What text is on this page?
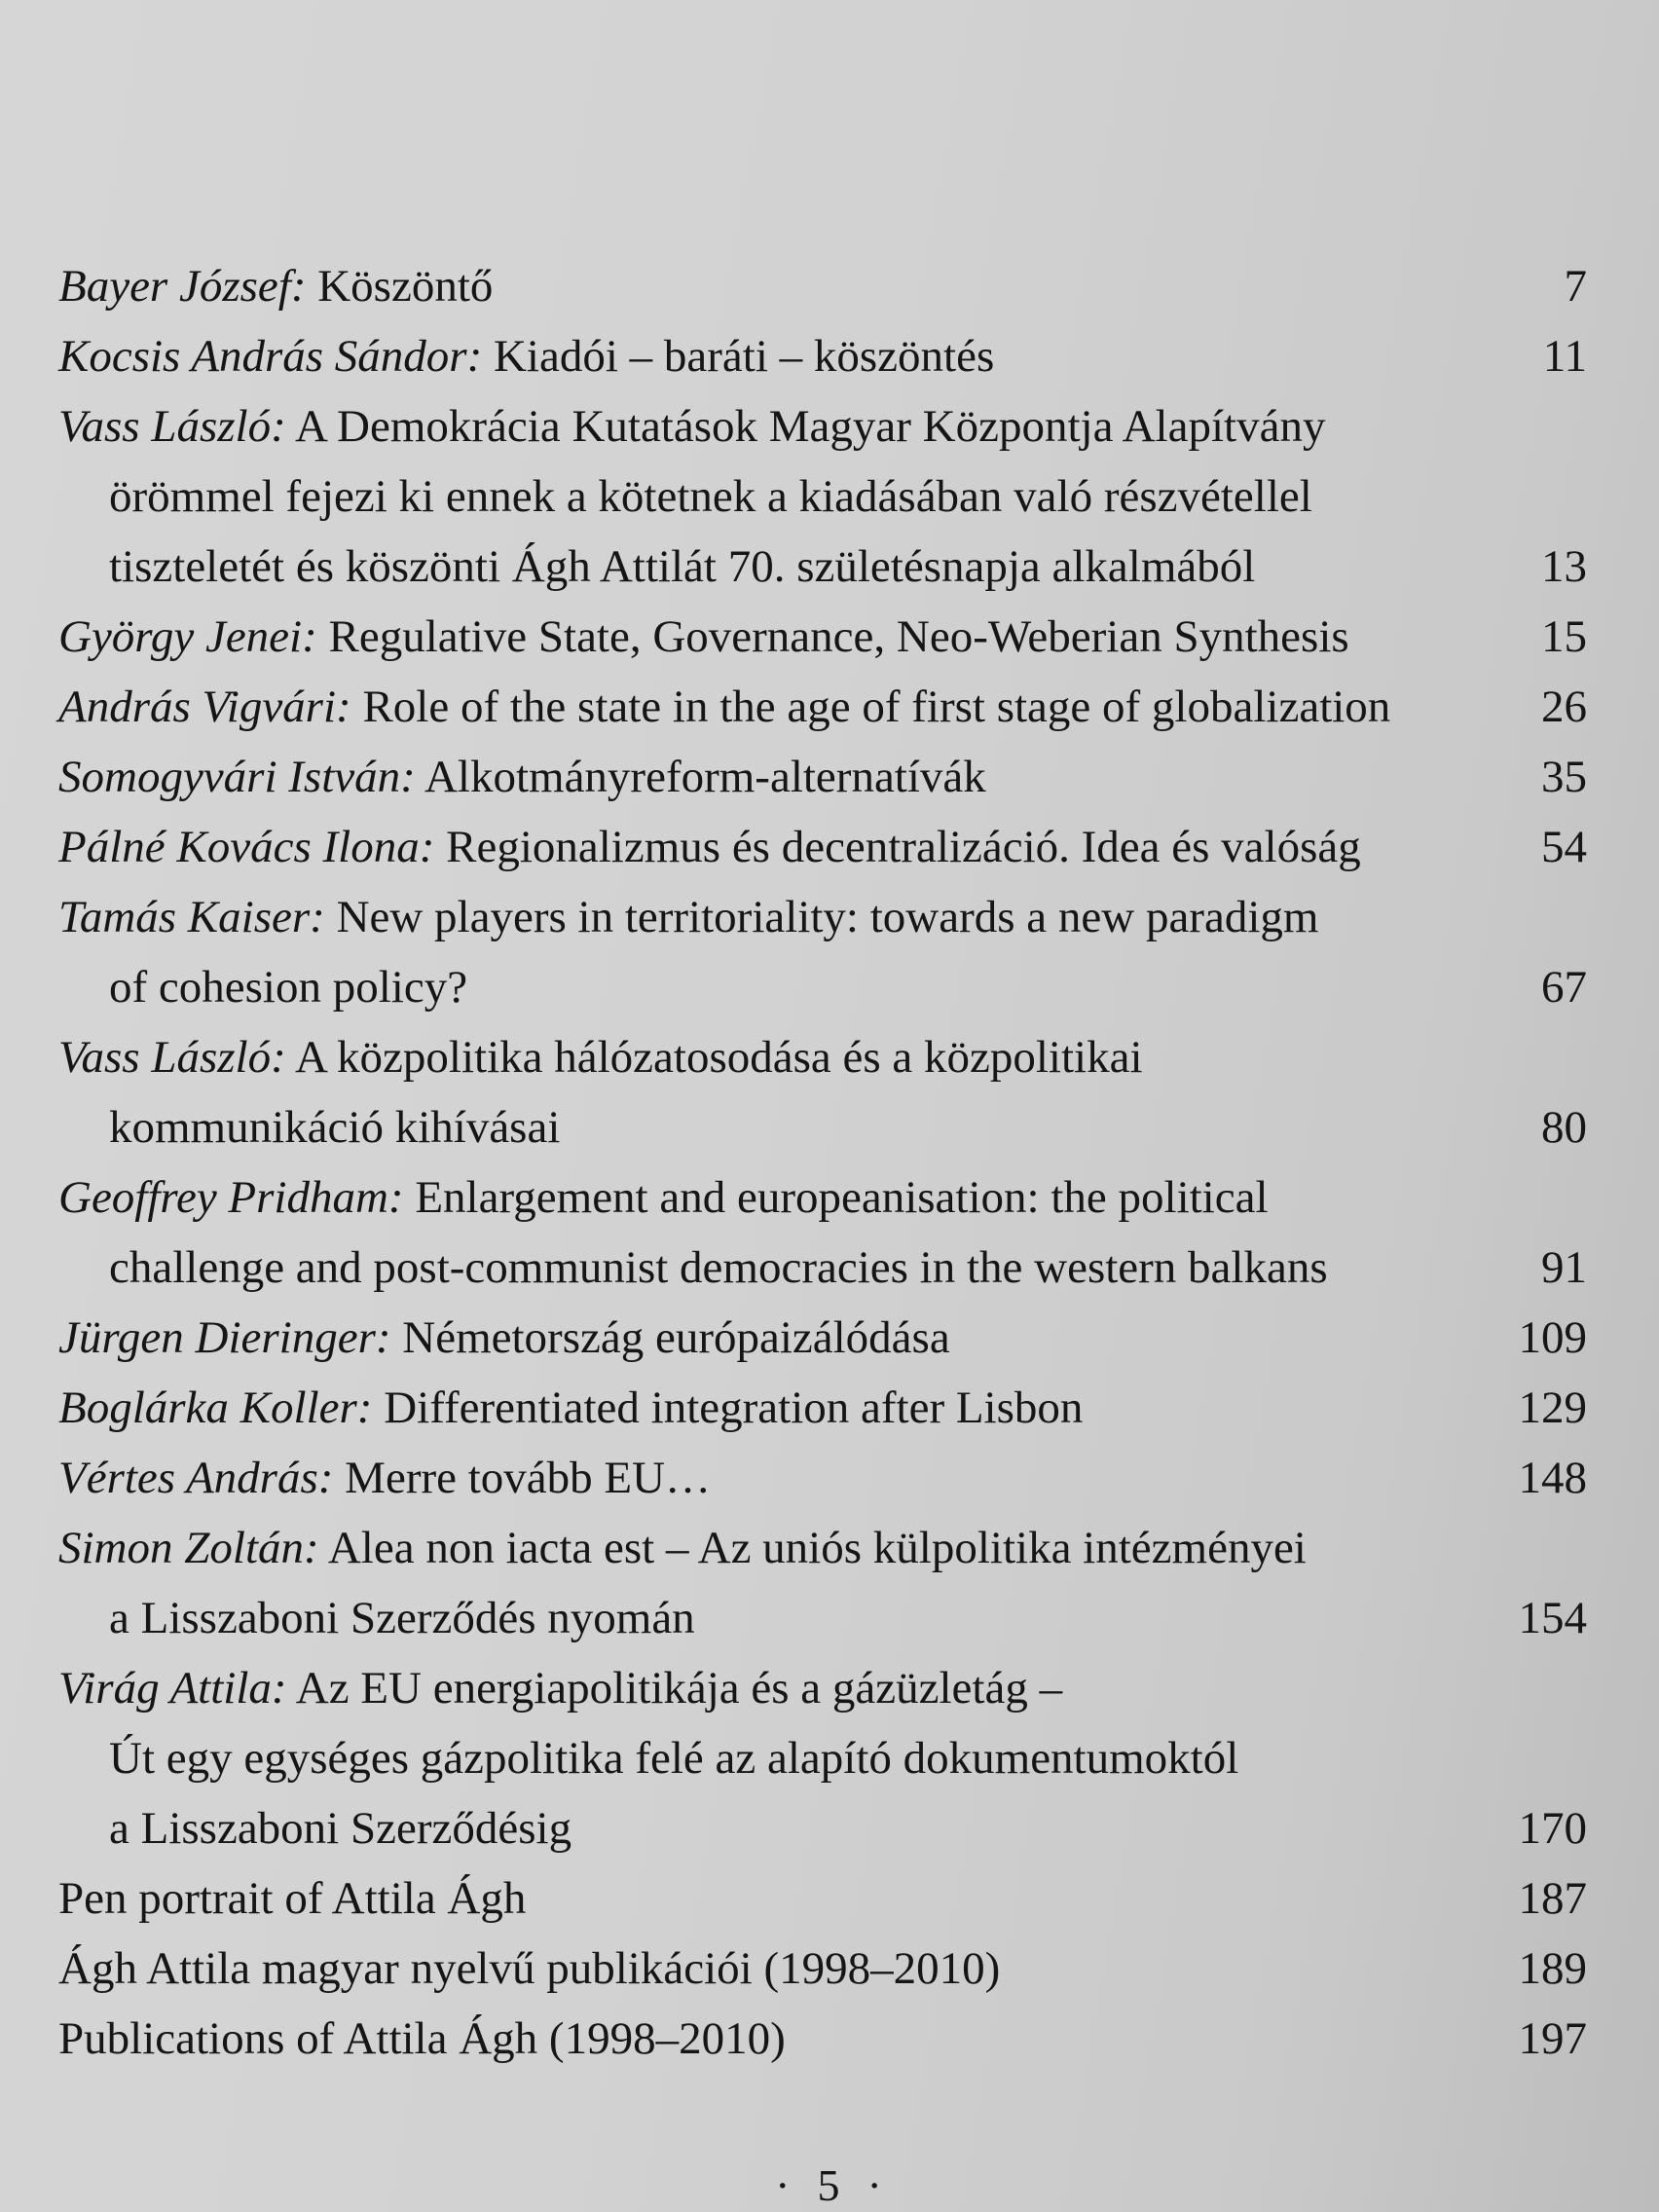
Bayer József: Köszöntő	7
Kocsis András Sándor: Kiadói – baráti – köszöntés	11
Vass László: A Demokrácia Kutatások Magyar Központja Alapítvány
örömmel fejezi ki ennek a kötetnek a kiadásában való részvétellel
tiszteletét és köszönti Ágh Attilát 70. születésnapja alkalmából	13
György Jenei: Regulative State, Governance, Neo-Weberian Synthesis	15
András Vigvári: Role of the state in the age of first stage of globalization	26
Somogyvári István: Alkotmányreform-alternatívák	35
Pálné Kovács Ilona: Regionalizmus és decentralizáció. Idea és valóság	54
Tamás Kaiser: New players in territoriality: towards a new paradigm
of cohesion policy?	67
Vass László: A közpolitika hálózatosodása és a közpolitikai
kommunikáció kihívásai	80
Geoffrey Pridham: Enlargement and europeanisation: the political
challenge and post-communist democracies in the western balkans	91
Jürgen Dieringer: Németország európaizálódása	109
Boglárka Koller: Differentiated integration after Lisbon	129
Vértes András: Merre tovább EU…	148
Simon Zoltán: Alea non iacta est – Az uniós külpolitika intézményei
a Lisszaboni Szerződés nyomán	154
Virág Attila: Az EU energiapolitikája és a gázüzletág –
Út egy egységes gázpolitika felé az alapító dokumentumoktól
a Lisszaboni Szerződésig	170
Pen portrait of Attila Ágh	187
Ágh Attila magyar nyelvű publikációi (1998–2010)	189
Publications of Attila Ágh (1998–2010)	197
· 5 ·
